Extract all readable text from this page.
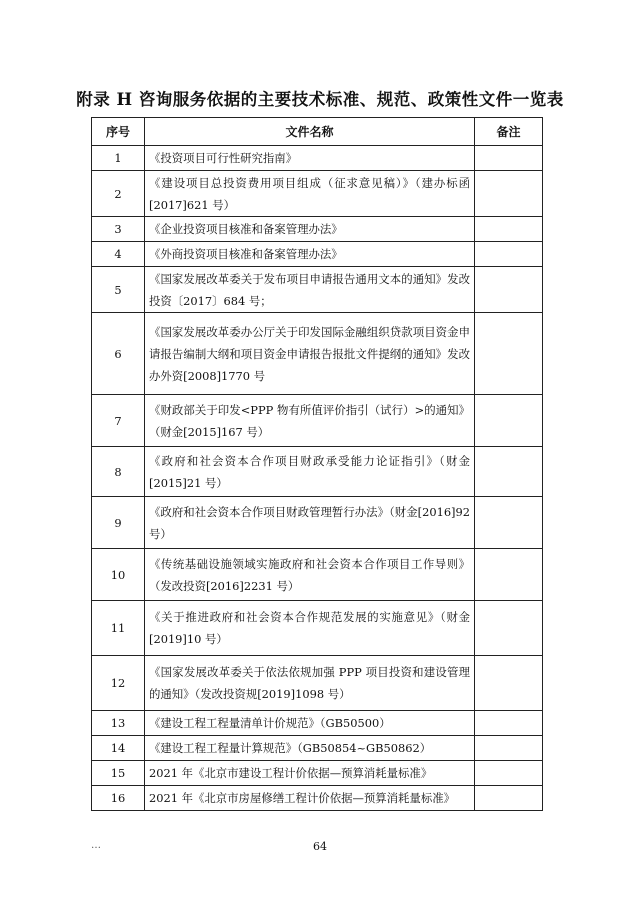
附录 H 咨询服务依据的主要技术标准、规范、政策性文件一览表
序号	文件名称	备注
1	《投资项目可行性研究指南》	
2	《建设项目总投资费用项目组成（征求意见稿）》（建办标函[2017]621 号）	
3	《企业投资项目核准和备案管理办法》	
4	《外商投资项目核准和备案管理办法》	
5	《国家发展改革委关于发布项目申请报告通用文本的通知》发改投资〔2017〕684 号；	
6	《国家发展改革委办公厅关于印发国际金融组织贷款项目资金申请报告编制大纲和项目资金申请报告报批文件提纲的通知》发改办外资[2008]1770 号	
7	《财政部关于印发<PPP 物有所值评价指引（试行）>的通知》（财金[2015]167 号）	
8	《政府和社会资本合作项目财政承受能力论证指引》（财金[2015]21 号）	
9	《政府和社会资本合作项目财政管理暂行办法》（财金[2016]92 号）	
10	《传统基础设施领域实施政府和社会资本合作项目工作导则》（发改投资[2016]2231 号）	
11	《关于推进政府和社会资本合作规范发展的实施意见》（财金[2019]10 号）	
12	《国家发展改革委关于依法依规加强 PPP 项目投资和建设管理的通知》（发改投资规[2019]1098 号）	
13	《建设工程工程量清单计价规范》（GB50500）	
14	《建设工程工程量计算规范》（GB50854~GB50862）	
15	2021 年《北京市建设工程计价依据—预算消耗量标准》	
16	2021 年《北京市房屋修缮工程计价依据—预算消耗量标准》	
…	64
